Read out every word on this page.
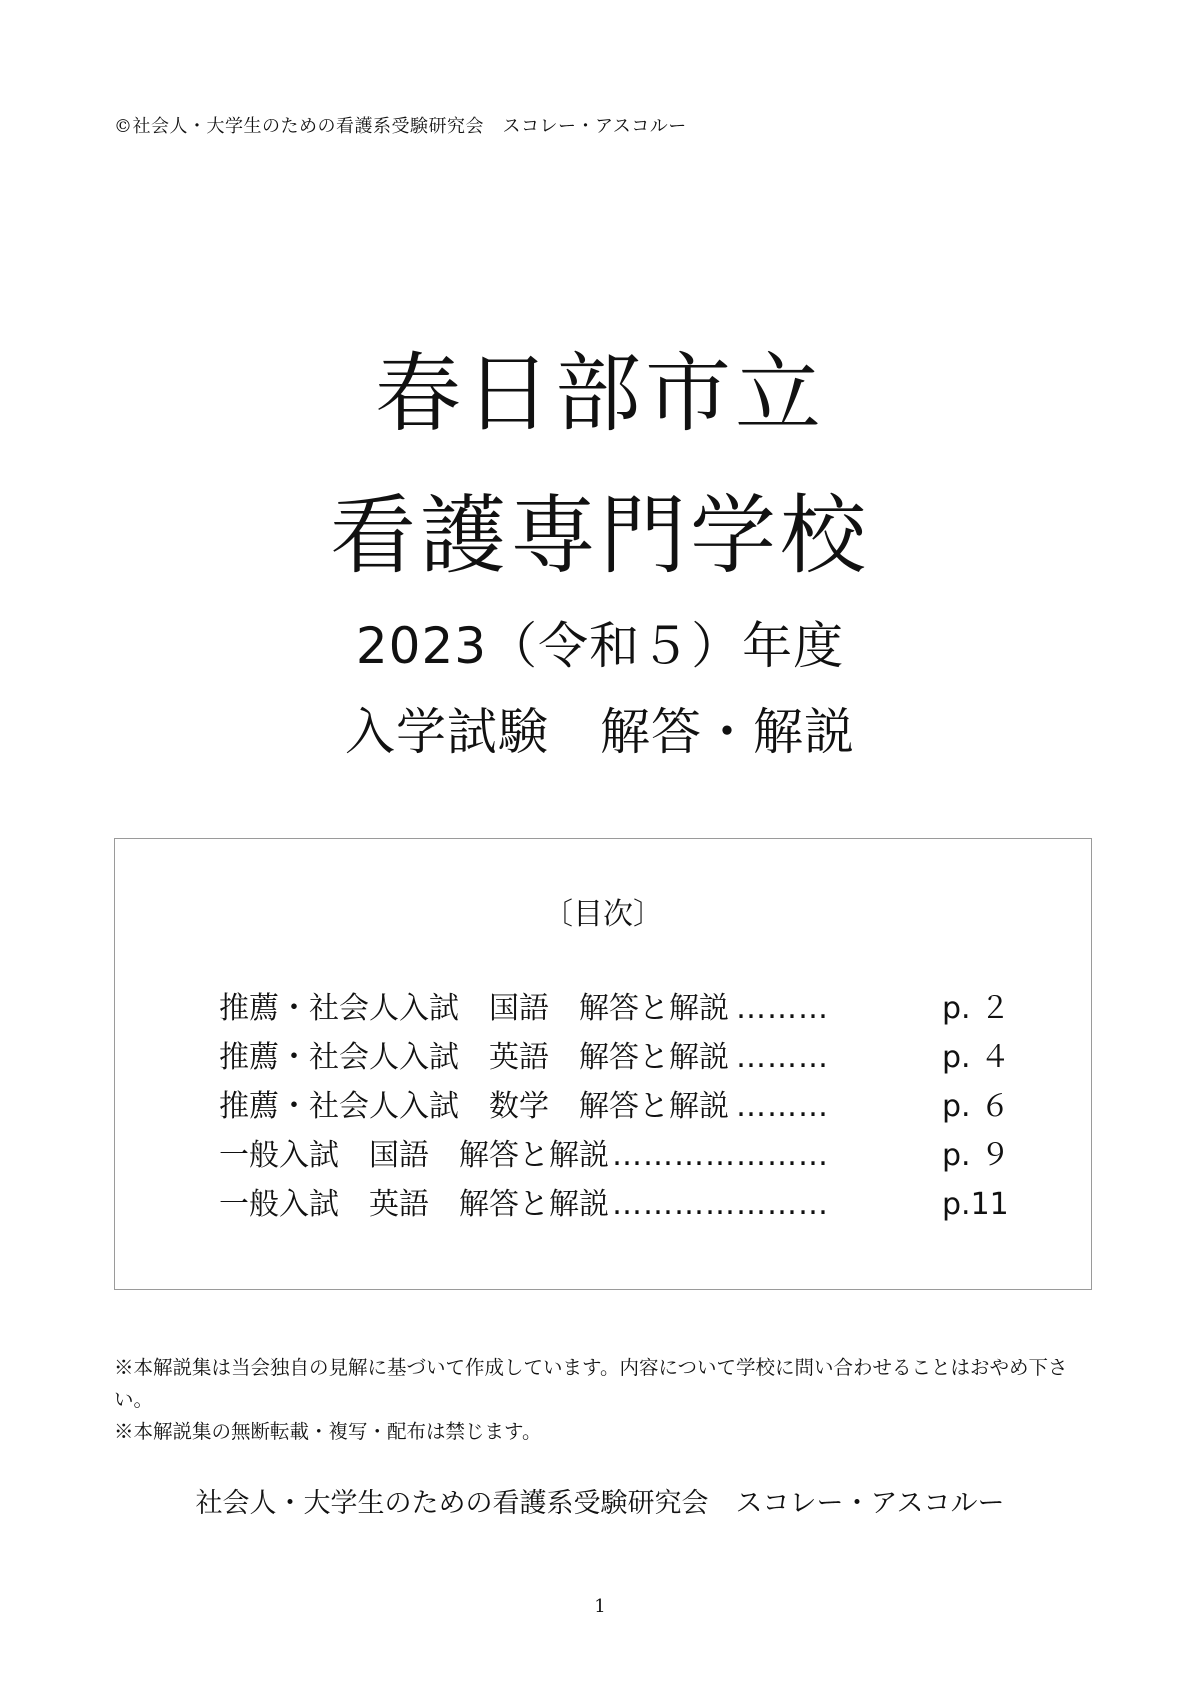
©社会人・大学生のための看護系受験研究会　スコレー・アスコルー
春日部市立
看護専門学校
2023（令和５）年度
入学試験　解答・解説
〔目次〕
推薦・社会人入試　国語　解答と解説 ………	p. ２
推薦・社会人入試　英語　解答と解説 ………	p. ４
推薦・社会人入試　数学　解答と解説 ………	p. ６
一般入試　国語　解答と解説 …………………	p. ９
一般入試　英語　解答と解説 …………………	p.11

※本解説集は当会独自の見解に基づいて作成しています。内容について学校に問い合わせることはおやめ下さい。

※本解説集の無断転載・複写・配布は禁じます。

社会人・大学生のための看護系受験研究会　スコレー・アスコルー
1
